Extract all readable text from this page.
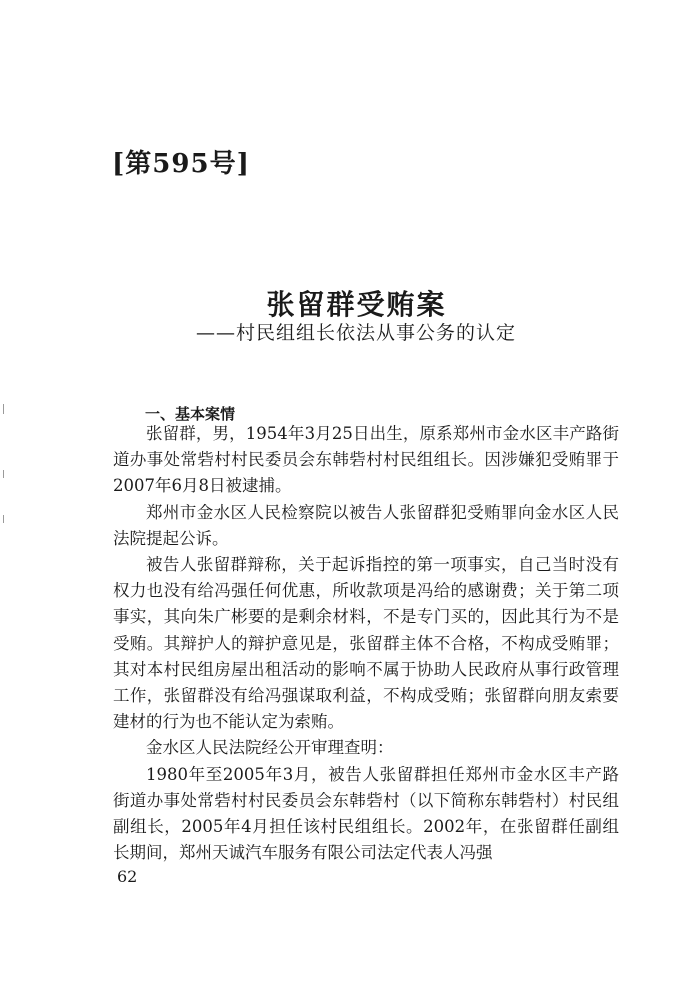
[第595号]
张留群受贿案
——村民组组长依法从事公务的认定
一、基本案情

张留群，男，1954年3月25日出生，原系郑州市金水区丰产路街道办事处常砦村村民委员会东韩砦村村民组组长。因涉嫌犯受贿罪于2007年6月8日被逮捕。

郑州市金水区人民检察院以被告人张留群犯受贿罪向金水区人民法院提起公诉。

被告人张留群辩称，关于起诉指控的第一项事实，自己当时没有权力也没有给冯强任何优惠，所收款项是冯给的感谢费；关于第二项事实，其向朱广彬要的是剩余材料，不是专门买的，因此其行为不是受贿。其辩护人的辩护意见是，张留群主体不合格，不构成受贿罪；其对本村民组房屋出租活动的影响不属于协助人民政府从事行政管理工作，张留群没有给冯强谋取利益，不构成受贿；张留群向朋友索要建材的行为也不能认定为索贿。

金水区人民法院经公开审理查明：

1980年至2005年3月，被告人张留群担任郑州市金水区丰产路街道办事处常砦村村民委员会东韩砦村（以下简称东韩砦村）村民组副组长，2005年4月担任该村民组组长。2002年，在张留群任副组长期间，郑州天诚汽车服务有限公司法定代表人冯强

62
